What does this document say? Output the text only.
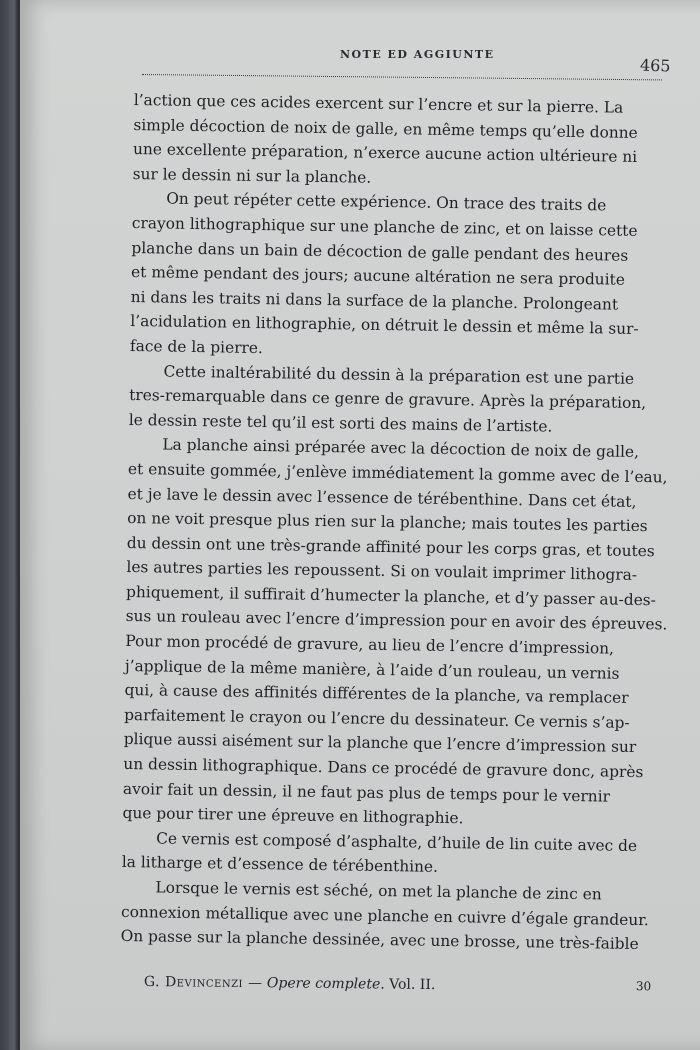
NOTE ED AGGIUNTE
465
l’action que ces acides exercent sur l’encre et sur la pierre. La
simple décoction de noix de galle, en même temps qu’elle donne
une excellente préparation, n’exerce aucune action ultérieure ni
sur le dessin ni sur la planche.
On peut répéter cette expérience. On trace des traits de
crayon lithographique sur une planche de zinc, et on laisse cette
planche dans un bain de décoction de galle pendant des heures
et même pendant des jours; aucune altération ne sera produite
ni dans les traits ni dans la surface de la planche. Prolongeant
l’acidulation en lithographie, on détruit le dessin et même la sur-
face de la pierre.
Cette inaltérabilité du dessin à la préparation est une partie
tres-remarquable dans ce genre de gravure. Après la préparation,
le dessin reste tel qu’il est sorti des mains de l’artiste.
La planche ainsi préparée avec la décoction de noix de galle,
et ensuite gommée, j’enlève immédiatement la gomme avec de l’eau,
et je lave le dessin avec l’essence de térébenthine. Dans cet état,
on ne voit presque plus rien sur la planche; mais toutes les parties
du dessin ont une très-grande affinité pour les corps gras, et toutes
les autres parties les repoussent. Si on voulait imprimer lithogra-
phiquement, il suffirait d’humecter la planche, et d’y passer au-des-
sus un rouleau avec l’encre d’impression pour en avoir des épreuves.
Pour mon procédé de gravure, au lieu de l’encre d’impression,
j’applique de la même manière, à l’aide d’un rouleau, un vernis
qui, à cause des affinités différentes de la planche, va remplacer
parfaitement le crayon ou l’encre du dessinateur. Ce vernis s’ap-
plique aussi aisément sur la planche que l’encre d’impression sur
un dessin lithographique. Dans ce procédé de gravure donc, après
avoir fait un dessin, il ne faut pas plus de temps pour le vernir
que pour tirer une épreuve en lithographie.
Ce vernis est composé d’asphalte, d’huile de lin cuite avec de
la litharge et d’essence de térébenthine.
Lorsque le vernis est séché, on met la planche de zinc en
connexion métallique avec une planche en cuivre d’égale grandeur.
On passe sur la planche dessinée, avec une brosse, une très-faible
G. Devincenzi — Opere complete. Vol. II.	30
